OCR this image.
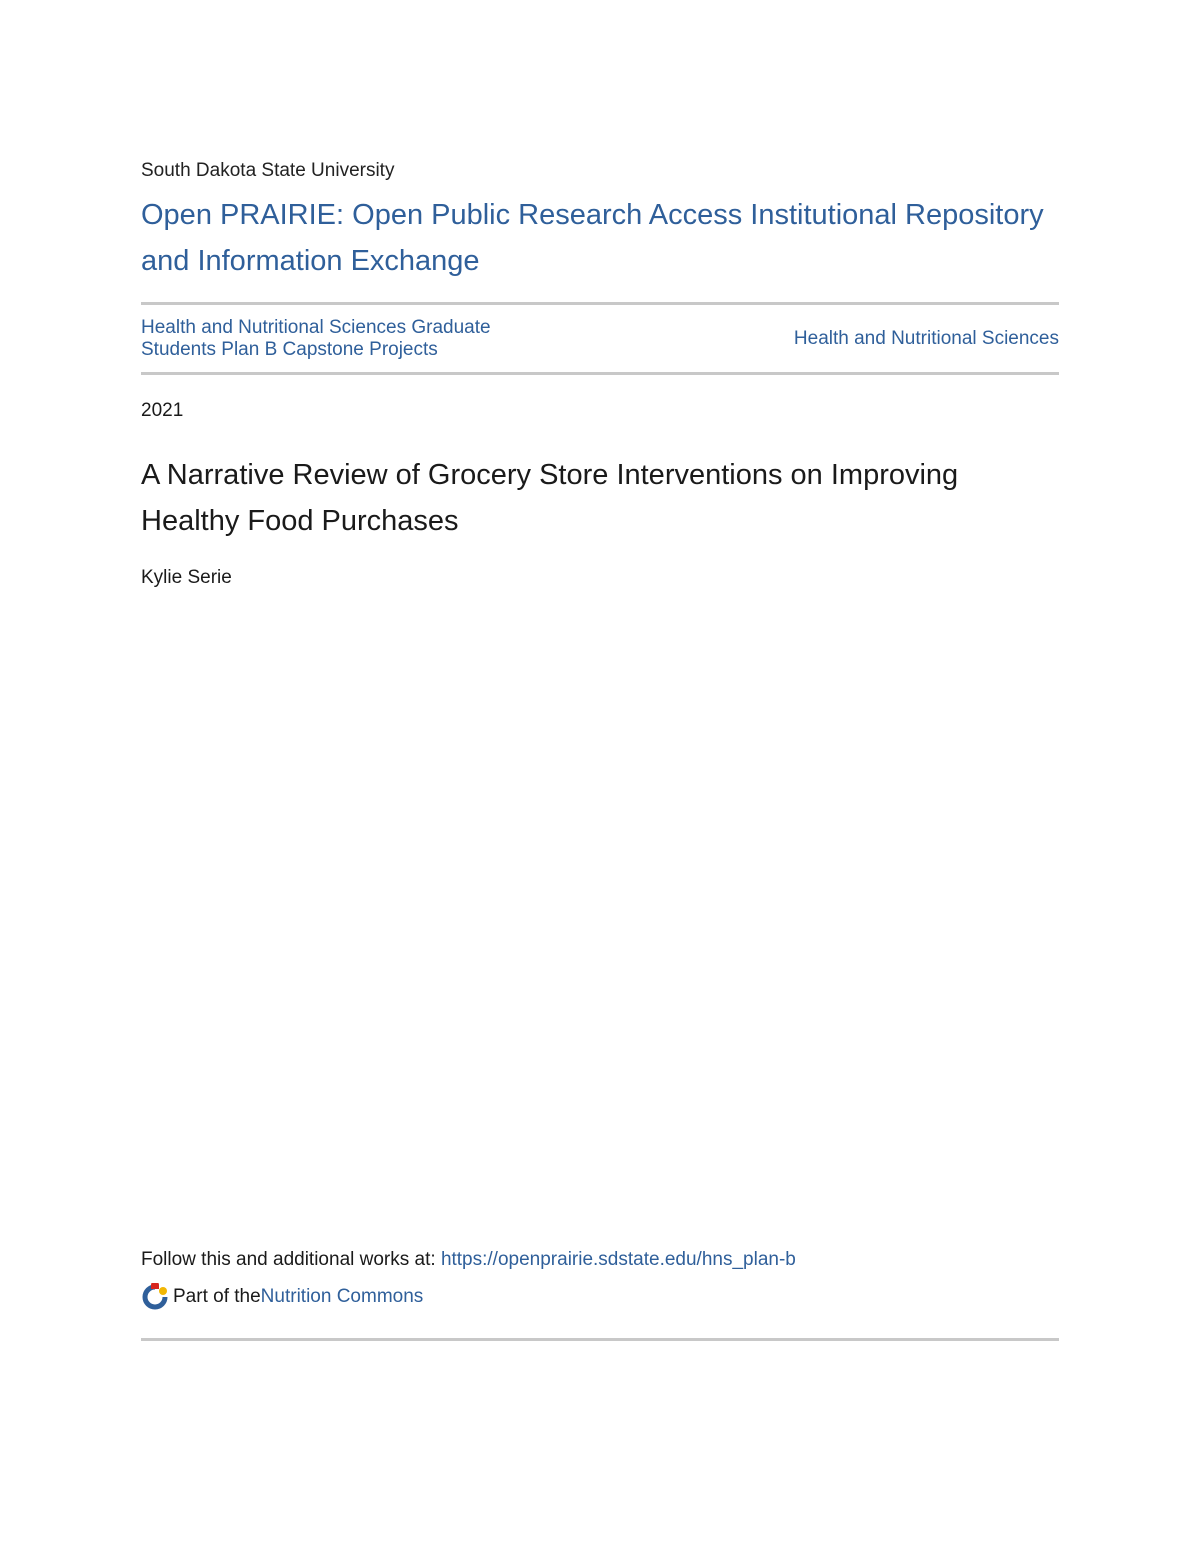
South Dakota State University
Open PRAIRIE: Open Public Research Access Institutional Repository and Information Exchange
Health and Nutritional Sciences Graduate Students Plan B Capstone Projects
Health and Nutritional Sciences
2021
A Narrative Review of Grocery Store Interventions on Improving Healthy Food Purchases
Kylie Serie
Follow this and additional works at: https://openprairie.sdstate.edu/hns_plan-b
Part of the Nutrition Commons
